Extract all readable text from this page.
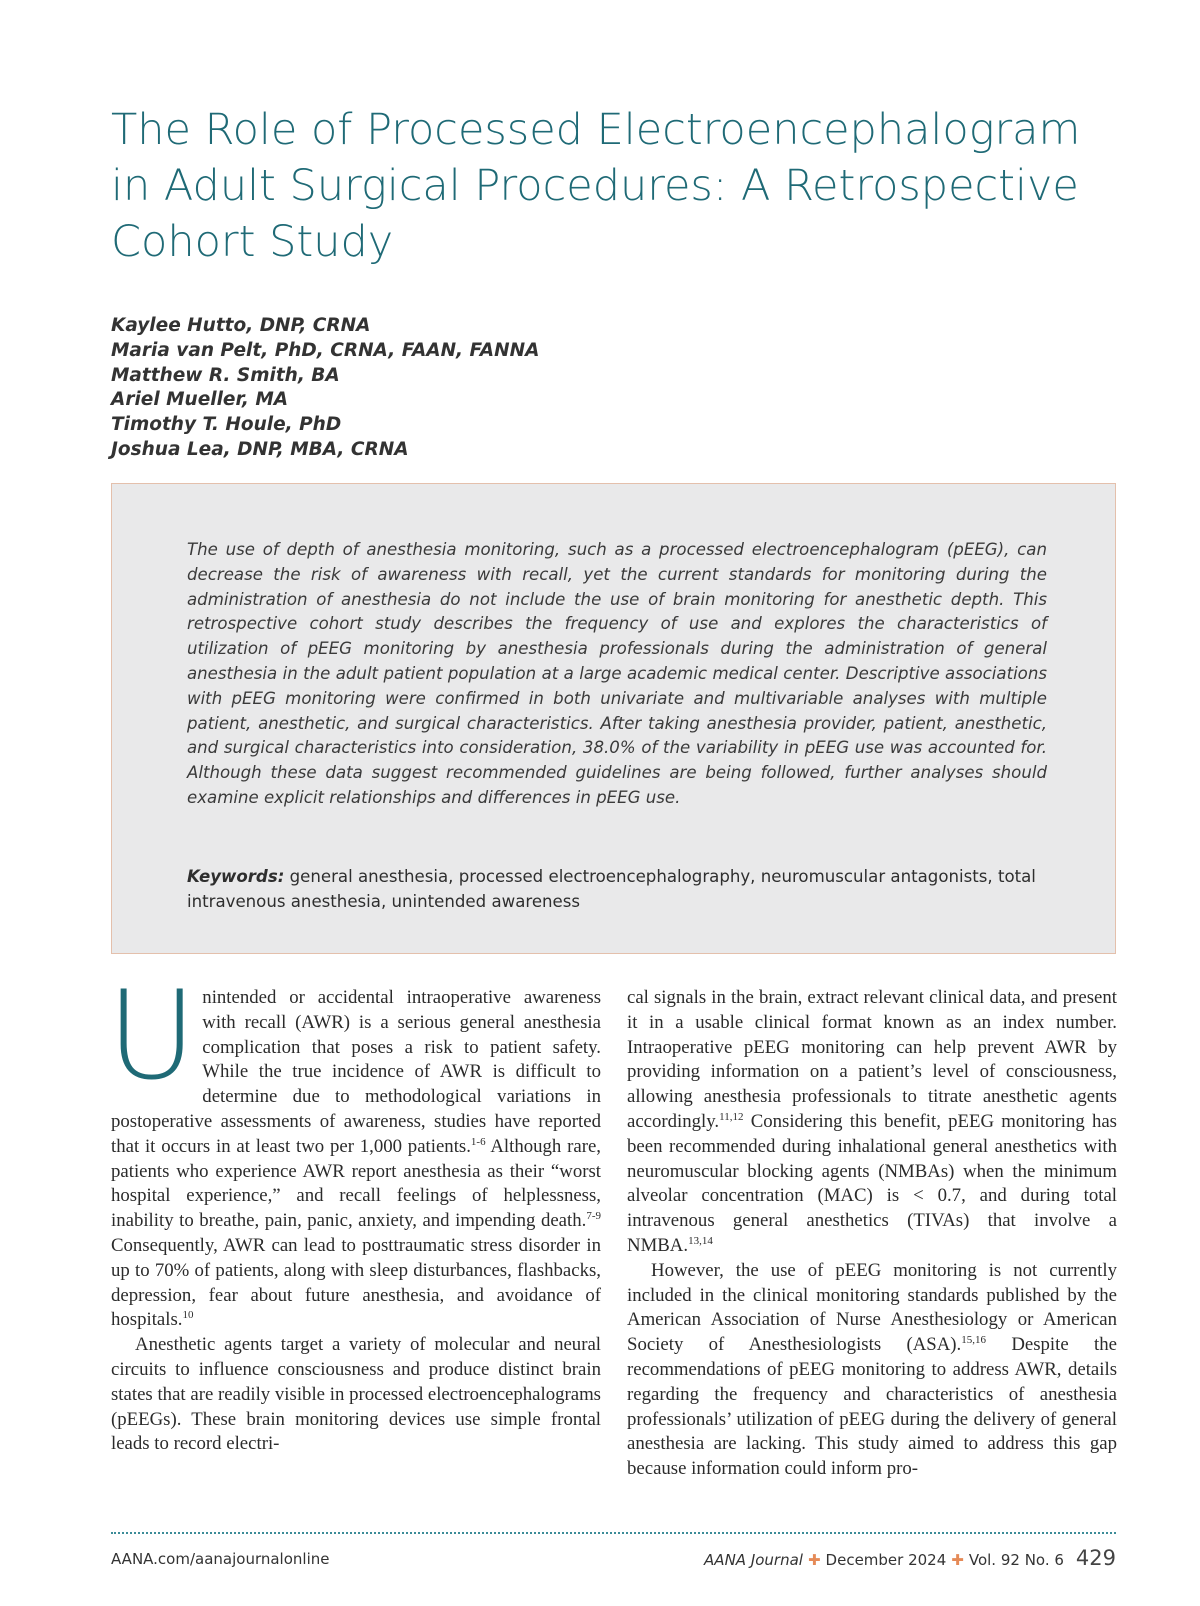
The Role of Processed Electroencephalogram
in Adult Surgical Procedures: A Retrospective
Cohort Study
Kaylee Hutto, DNP, CRNA
Maria van Pelt, PhD, CRNA, FAAN, FANNA
Matthew R. Smith, BA
Ariel Mueller, MA
Timothy T. Houle, PhD
Joshua Lea, DNP, MBA, CRNA

The use of depth of anesthesia monitoring, such as a processed electroencephalogram (pEEG), can decrease the risk of awareness with recall, yet the current standards for monitoring during the administration of anesthesia do not include the use of brain monitoring for anesthetic depth. This retrospective cohort study describes the frequency of use and explores the characteristics of utilization of pEEG monitoring by anesthesia professionals during the administration of general anesthesia in the adult patient population at a large academic medical center. Descriptive associations with pEEG monitoring were confirmed in both univariate and multivariable analyses with multiple patient, anesthetic, and surgical characteristics. After taking anesthesia provider, patient, anesthetic, and surgical characteristics into consideration, 38.0% of the variability in pEEG use was accounted for. Although these data suggest recommended guidelines are being followed, further analyses should examine explicit relationships and differences in pEEG use.

Keywords: general anesthesia, processed electroencephalography, neuromuscular antagonists, total intravenous anesthesia, unintended awareness

Unintended or accidental intraoperative awareness with recall (AWR) is a serious general anesthesia complication that poses a risk to patient safety. While the true incidence of AWR is difficult to determine due to methodological variations in postoperative assessments of awareness, studies have reported that it occurs in at least two per 1,000 patients.$^{1-6}$ Although rare, patients who experience AWR report anesthesia as their “worst hospital experience,” and recall feelings of helplessness, inability to breathe, pain, panic, anxiety, and impending death.$^{7-9}$ Consequently, AWR can lead to posttraumatic stress disorder in up to 70% of patients, along with sleep disturbances, flashbacks, depression, fear about future anesthesia, and avoidance of hospitals.$^{10}$

Anesthetic agents target a variety of molecular and neural circuits to influence consciousness and produce distinct brain states that are readily visible in processed electroencephalograms (pEEGs). These brain monitoring devices use simple frontal leads to record electri-

cal signals in the brain, extract relevant clinical data, and present it in a usable clinical format known as an index number. Intraoperative pEEG monitoring can help prevent AWR by providing information on a patient’s level of consciousness, allowing anesthesia professionals to titrate anesthetic agents accordingly.$^{11,12}$ Considering this benefit, pEEG monitoring has been recommended during inhalational general anesthetics with neuromuscular blocking agents (NMBAs) when the minimum alveolar concentration (MAC) is < 0.7, and during total intravenous general anesthetics (TIVAs) that involve a NMBA.$^{13,14}$

However, the use of pEEG monitoring is not currently included in the clinical monitoring standards published by the American Association of Nurse Anesthesiology or American Society of Anesthesiologists (ASA).$^{15,16}$ Despite the recommendations of pEEG monitoring to address AWR, details regarding the frequency and characteristics of anesthesia professionals’ utilization of pEEG during the delivery of general anesthesia are lacking. This study aimed to address this gap because information could inform pro-

AANA.com/aanajournalonline	AANA Journal ✚ December 2024 ✚ Vol. 92 No. 6 429
